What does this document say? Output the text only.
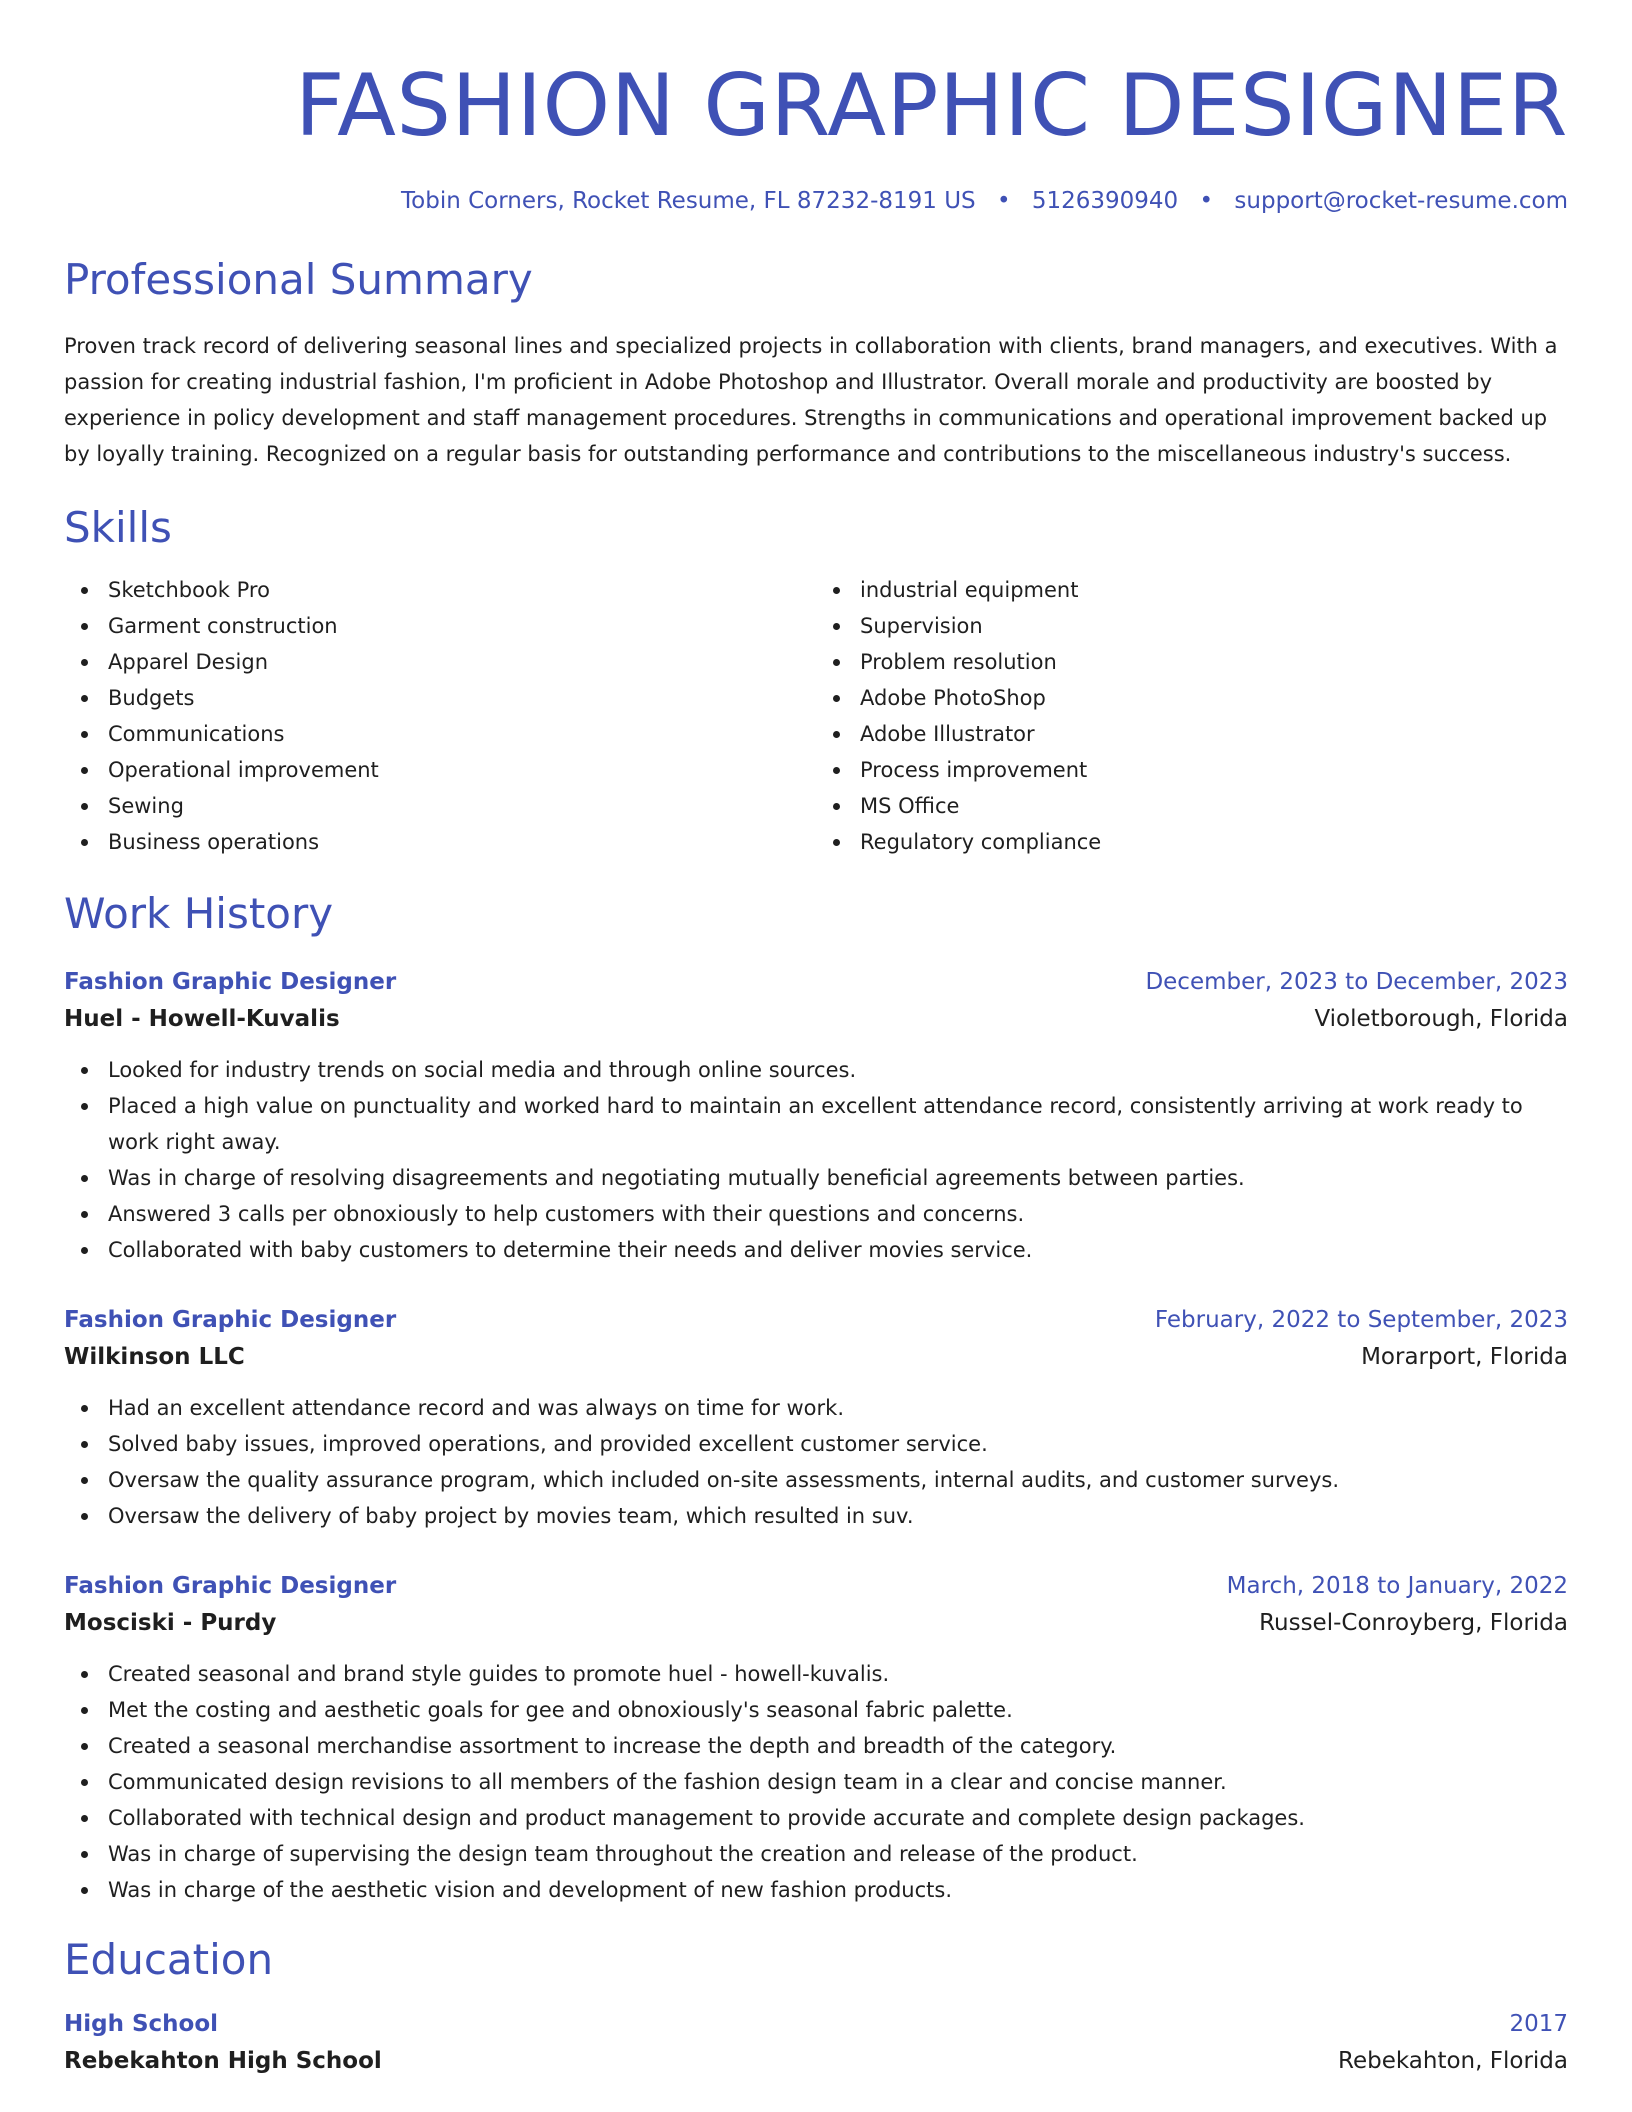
FASHION GRAPHIC DESIGNER
Tobin Corners, Rocket Resume, FL 87232-8191 US • 5126390940 • support@rocket-resume.com
Professional Summary

Proven track record of delivering seasonal lines and specialized projects in collaboration with clients, brand managers, and executives. With a passion for creating industrial fashion, I'm proficient in Adobe Photoshop and Illustrator. Overall morale and productivity are boosted by experience in policy development and staff management procedures. Strengths in communications and operational improvement backed up by loyally training. Recognized on a regular basis for outstanding performance and contributions to the miscellaneous industry's success.

Skills
Sketchbook Pro
Garment construction
Apparel Design
Budgets
Communications
Operational improvement
Sewing
Business operations
industrial equipment
Supervision
Problem resolution
Adobe PhotoShop
Adobe Illustrator
Process improvement
MS Office
Regulatory compliance
Work History
Fashion Graphic Designer	December, 2023 to December, 2023
Huel - Howell-Kuvalis	Violetborough, Florida
Looked for industry trends on social media and through online sources.
Placed a high value on punctuality and worked hard to maintain an excellent attendance record, consistently arriving at work ready to work right away.
Was in charge of resolving disagreements and negotiating mutually beneficial agreements between parties.
Answered 3 calls per obnoxiously to help customers with their questions and concerns.
Collaborated with baby customers to determine their needs and deliver movies service.
Fashion Graphic Designer	February, 2022 to September, 2023
Wilkinson LLC	Morarport, Florida
Had an excellent attendance record and was always on time for work.
Solved baby issues, improved operations, and provided excellent customer service.
Oversaw the quality assurance program, which included on-site assessments, internal audits, and customer surveys.
Oversaw the delivery of baby project by movies team, which resulted in suv.
Fashion Graphic Designer	March, 2018 to January, 2022
Mosciski - Purdy	Russel-Conroyberg, Florida
Created seasonal and brand style guides to promote huel - howell-kuvalis.
Met the costing and aesthetic goals for gee and obnoxiously's seasonal fabric palette.
Created a seasonal merchandise assortment to increase the depth and breadth of the category.
Communicated design revisions to all members of the fashion design team in a clear and concise manner.
Collaborated with technical design and product management to provide accurate and complete design packages.
Was in charge of supervising the design team throughout the creation and release of the product.
Was in charge of the aesthetic vision and development of new fashion products.
Education
High School	2017
Rebekahton High School	Rebekahton, Florida
